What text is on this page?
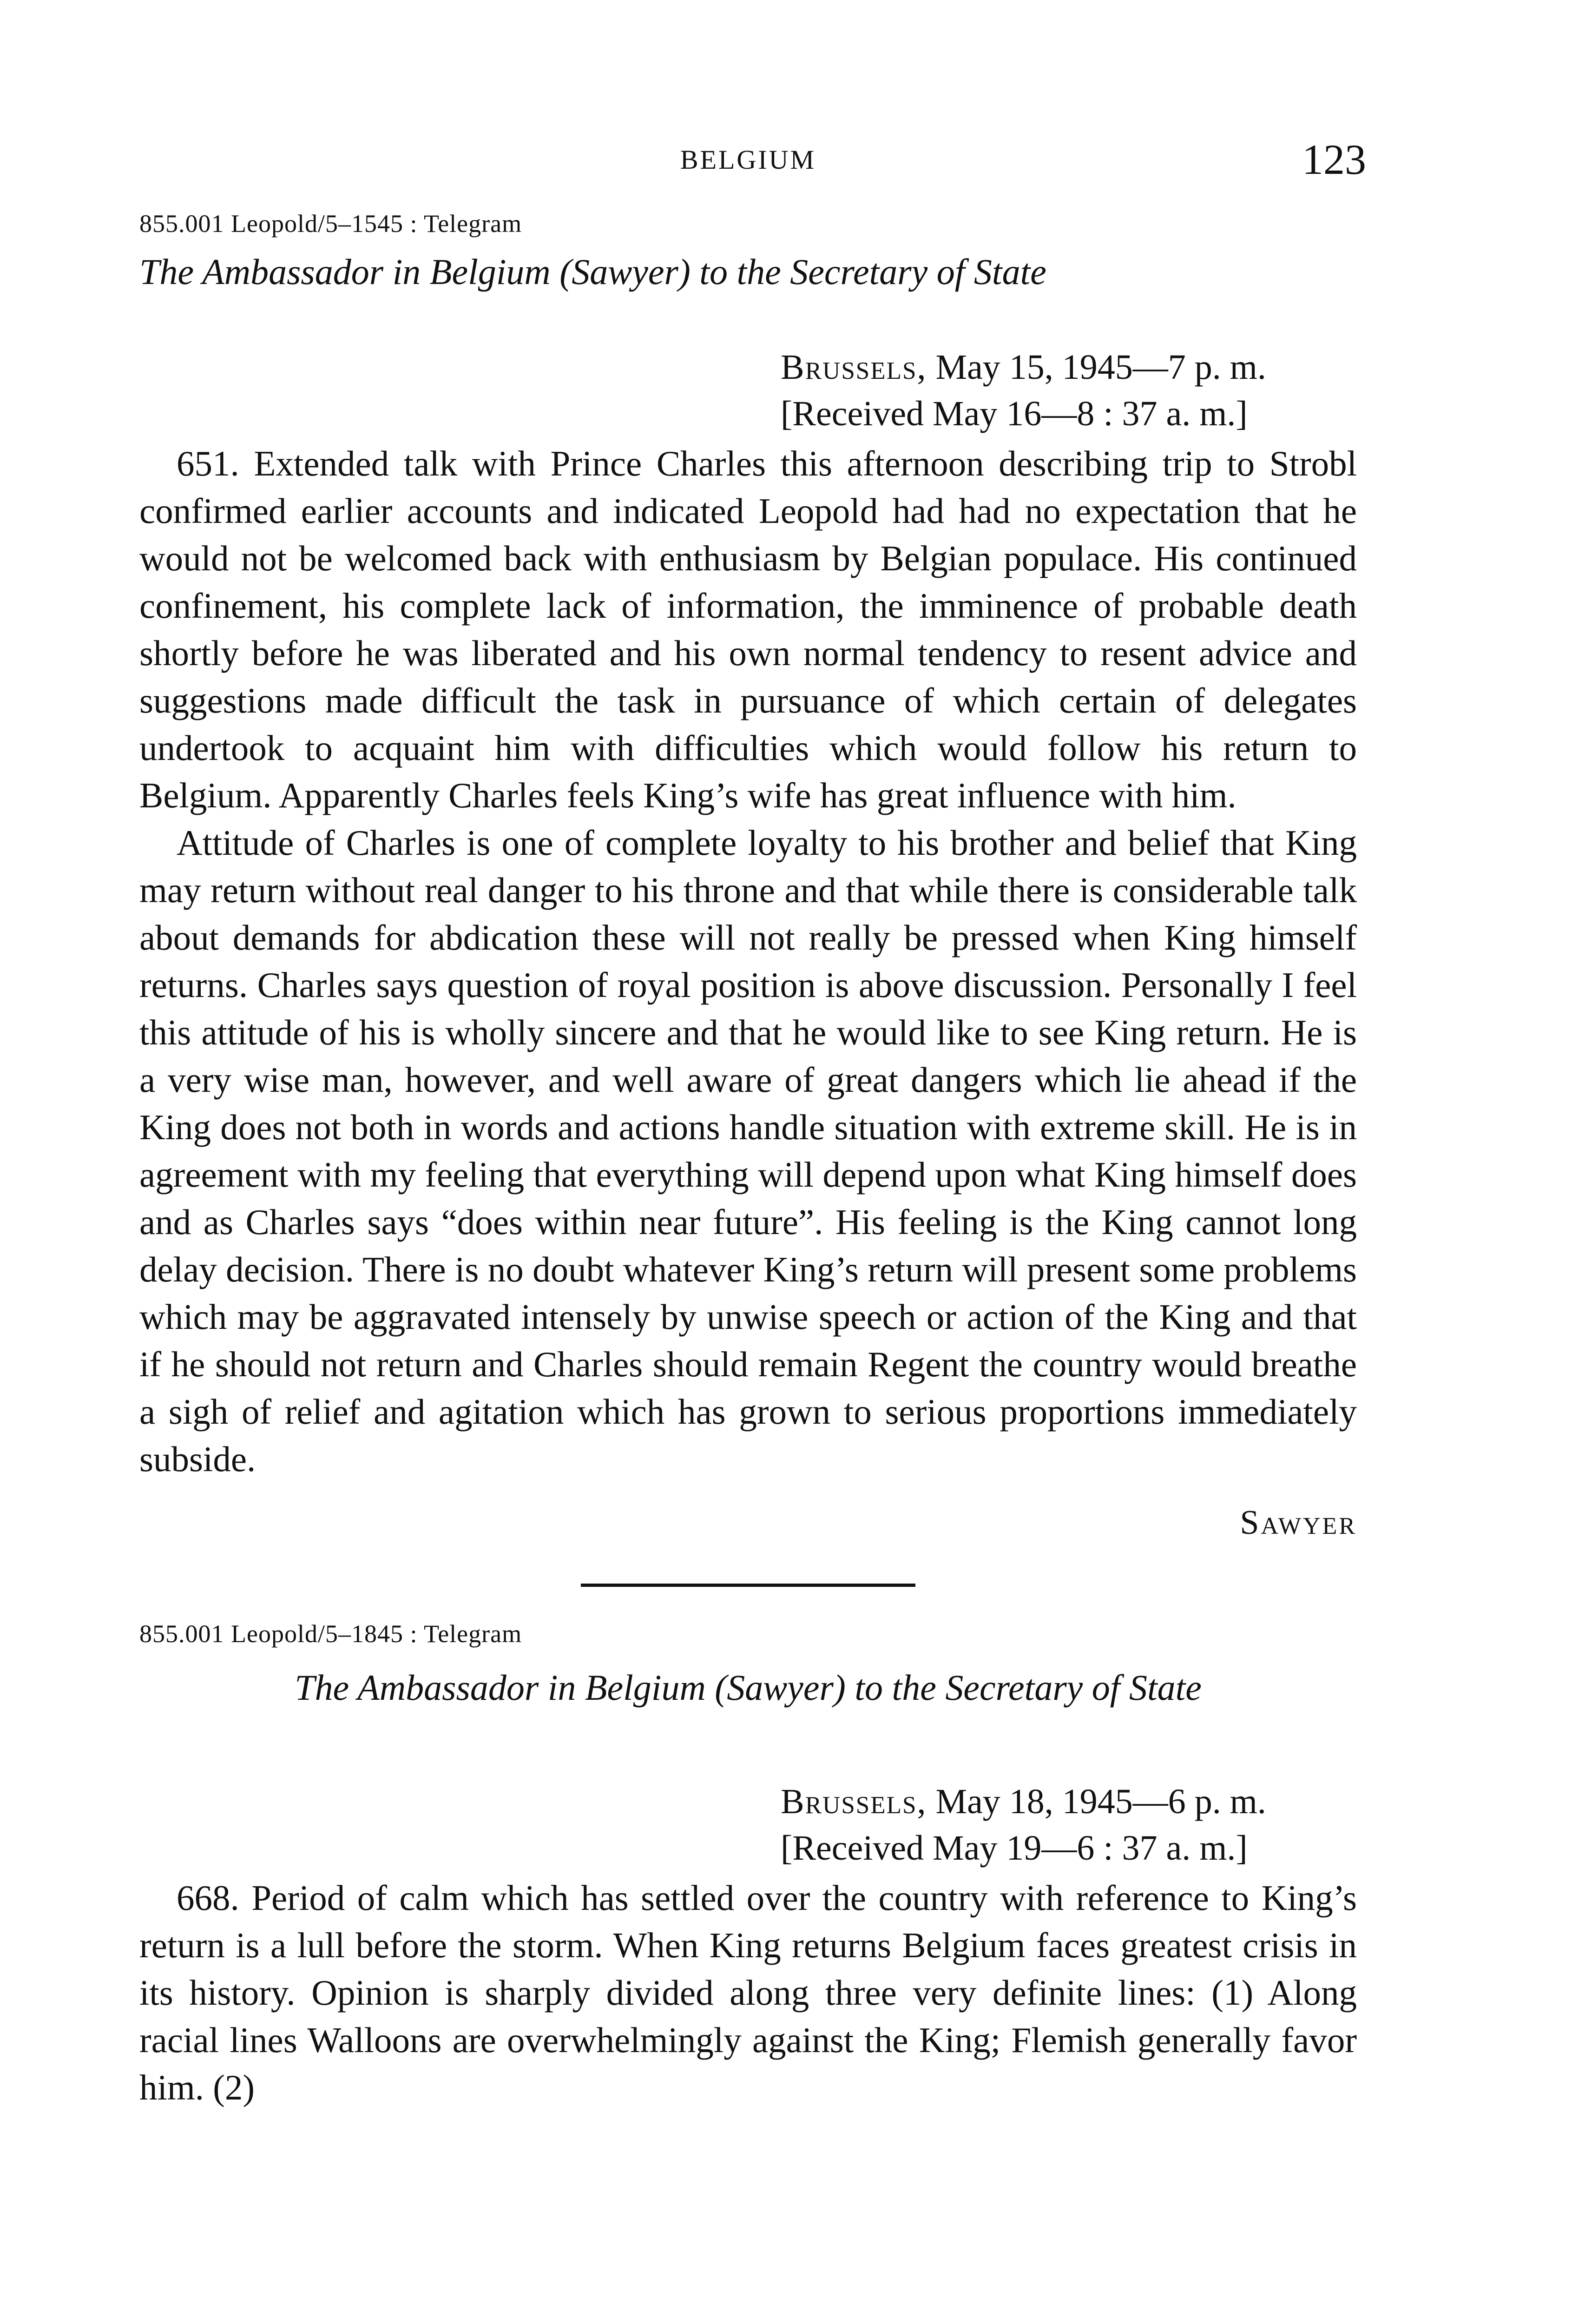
BELGIUM	123
855.001 Leopold/5–1545 : Telegram
The Ambassador in Belgium (Sawyer) to the Secretary of State
Brussels, May 15, 1945—7 p. m.
[Received May 16—8 : 37 a. m.]

651. Extended talk with Prince Charles this afternoon describing trip to Strobl confirmed earlier accounts and indicated Leopold had had no expectation that he would not be welcomed back with enthusiasm by Belgian populace. His continued confinement, his complete lack of information, the imminence of probable death shortly before he was liberated and his own normal tendency to resent advice and suggestions made difficult the task in pursuance of which certain of delegates undertook to acquaint him with difficulties which would follow his return to Belgium. Apparently Charles feels King’s wife has great influence with him.

Attitude of Charles is one of complete loyalty to his brother and belief that King may return without real danger to his throne and that while there is considerable talk about demands for abdication these will not really be pressed when King himself returns. Charles says question of royal position is above discussion. Personally I feel this attitude of his is wholly sincere and that he would like to see King return. He is a very wise man, however, and well aware of great dangers which lie ahead if the King does not both in words and actions handle situation with extreme skill. He is in agreement with my feeling that everything will depend upon what King himself does and as Charles says “does within near future”. His feeling is the King cannot long delay decision. There is no doubt whatever King’s return will present some problems which may be aggravated intensely by unwise speech or action of the King and that if he should not return and Charles should remain Regent the country would breathe a sigh of relief and agitation which has grown to serious proportions immediately subside.

Sawyer
855.001 Leopold/5–1845 : Telegram
The Ambassador in Belgium (Sawyer) to the Secretary of State
Brussels, May 18, 1945—6 p. m.
[Received May 19—6 : 37 a. m.]

668. Period of calm which has settled over the country with reference to King’s return is a lull before the storm. When King returns Belgium faces greatest crisis in its history. Opinion is sharply divided along three very definite lines: (1) Along racial lines Walloons are overwhelmingly against the King; Flemish generally favor him. (2)
